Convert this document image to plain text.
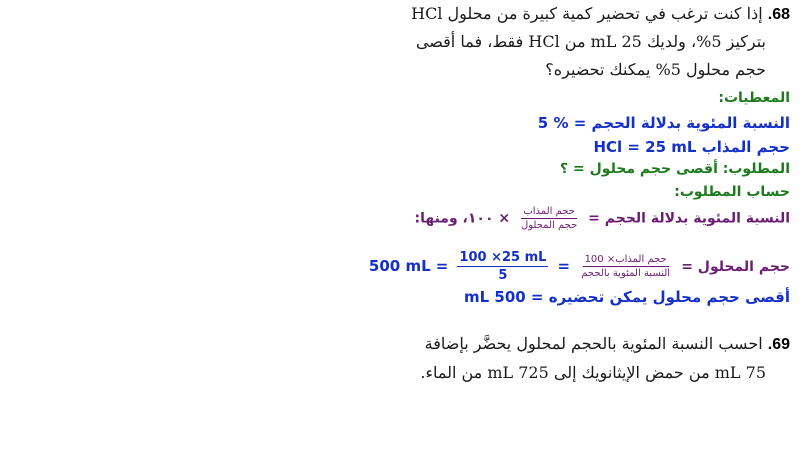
68. إذا كنت ترغب في تحضير كمية كبيرة من محلول HCl
بتركيز 5%، ولديك 25 mL من HCl فقط، فما أقصى
حجم محلول 5% يمكنك تحضيره؟
المعطيات:
النسبة المئوية بدلالة الحجم = % 5
حجم المذاب HCl = 25 mL
المطلوب: أقصى حجم محلول = ؟
حساب المطلوب:
النسبة المئوية بدلالة الحجم =
$\frac{\text{حجم المذاب}}{\text{حجم المحلول}}$
× ١٠٠، ومنها:
حجم المحلول =
$\frac{\text{حجم المذاب× 100}}{\text{النسبة المئوية بالحجم}}$
=
$\frac{100 \times 25 mL}{5}$
= 500 mL
أقصى حجم محلول يمكن تحضيره = 500 mL
69. احسب النسبة المئوية بالحجم لمحلول يحضَّر بإضافة
75 mL من حمض الإيثانويك إلى 725 mL من الماء.
